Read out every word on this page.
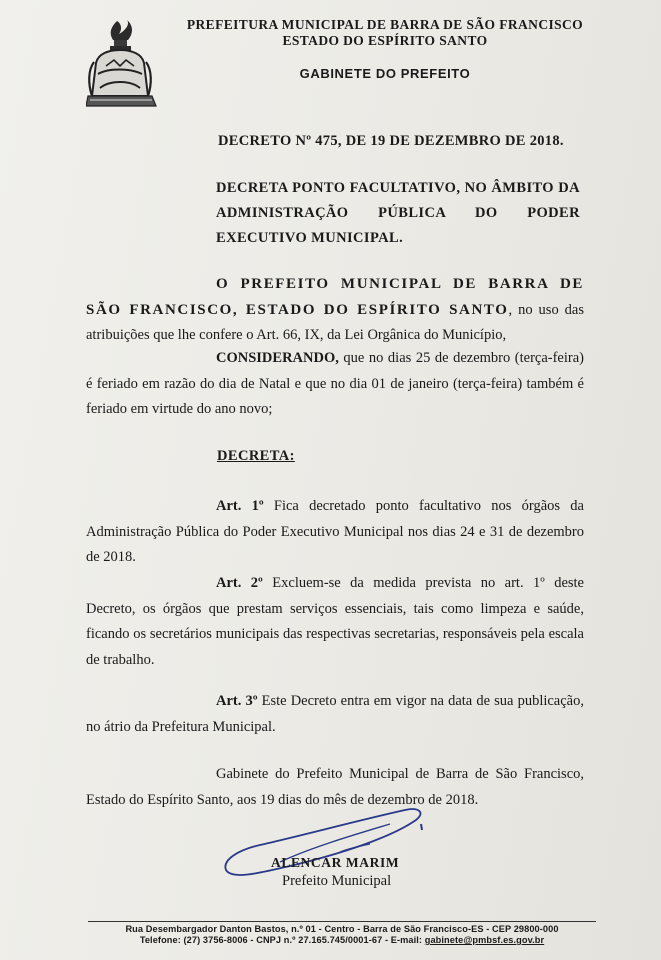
PREFEITURA MUNICIPAL DE BARRA DE SÃO FRANCISCO
ESTADO DO ESPÍRITO SANTO
GABINETE DO PREFEITO
DECRETO Nº 475, DE 19 DE DEZEMBRO DE 2018.
DECRETA PONTO FACULTATIVO, NO ÂMBITO DA ADMINISTRAÇÃO PÚBLICA DO PODER EXECUTIVO MUNICIPAL.
O PREFEITO MUNICIPAL DE BARRA DE SÃO FRANCISCO, ESTADO DO ESPÍRITO SANTO, no uso das atribuições que lhe confere o Art. 66, IX, da Lei Orgânica do Município,
CONSIDERANDO, que no dias 25 de dezembro (terça-feira) é feriado em razão do dia de Natal e que no dia 01 de janeiro (terça-feira) também é feriado em virtude do ano novo;
DECRETA:
Art. 1º Fica decretado ponto facultativo nos órgãos da Administração Pública do Poder Executivo Municipal nos dias 24 e 31 de dezembro de 2018.
Art. 2º Excluem-se da medida prevista no art. 1º deste Decreto, os órgãos que prestam serviços essenciais, tais como limpeza e saúde, ficando os secretários municipais das respectivas secretarias, responsáveis pela escala de trabalho.
Art. 3º Este Decreto entra em vigor na data de sua publicação, no átrio da Prefeitura Municipal.
Gabinete do Prefeito Municipal de Barra de São Francisco, Estado do Espírito Santo, aos 19 dias do mês de dezembro de 2018.
ALENCAR MARIM
Prefeito Municipal
Rua Desembargador Danton Bastos, n.º 01 - Centro - Barra de São Francisco-ES - CEP 29800-000
Telefone: (27) 3756-8006 - CNPJ n.º 27.165.745/0001-67 - E-mail: gabinete@pmbsf.es.gov.br
